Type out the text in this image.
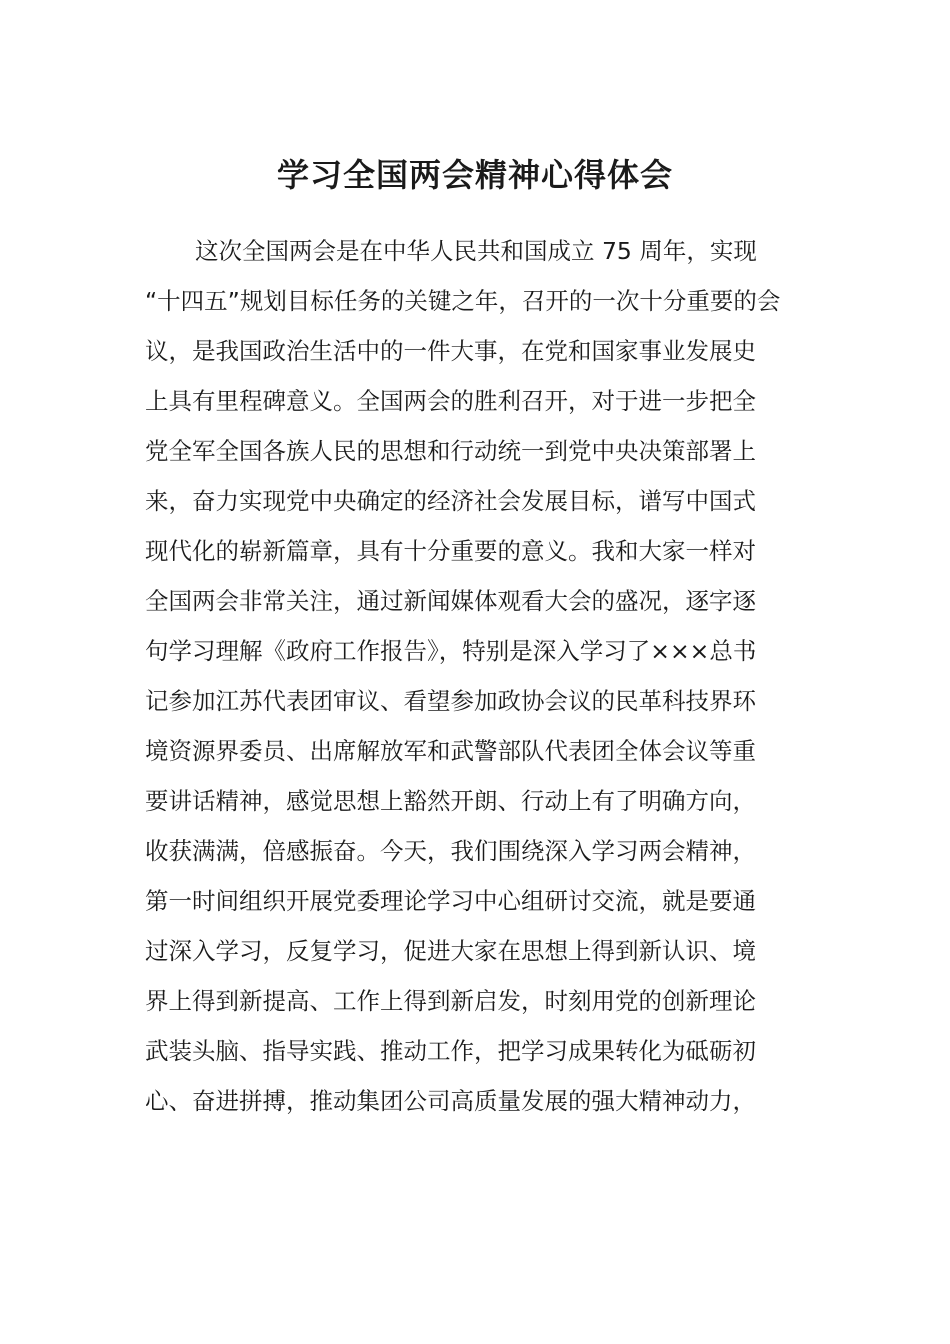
学习全国两会精神心得体会
这次全国两会是在中华人民共和国成立 75 周年，实现
“十四五”规划目标任务的关键之年，召开的一次十分重要的会
议，是我国政治生活中的一件大事，在党和国家事业发展史
上具有里程碑意义。全国两会的胜利召开，对于进一步把全
党全军全国各族人民的思想和行动统一到党中央决策部署上
来，奋力实现党中央确定的经济社会发展目标，谱写中国式
现代化的崭新篇章，具有十分重要的意义。我和大家一样对
全国两会非常关注，通过新闻媒体观看大会的盛况，逐字逐
句学习理解《政府工作报告》，特别是深入学习了×××总书
记参加江苏代表团审议、看望参加政协会议的民革科技界环
境资源界委员、出席解放军和武警部队代表团全体会议等重
要讲话精神，感觉思想上豁然开朗、行动上有了明确方向，
收获满满，倍感振奋。今天，我们围绕深入学习两会精神，
第一时间组织开展党委理论学习中心组研讨交流，就是要通
过深入学习，反复学习，促进大家在思想上得到新认识、境
界上得到新提高、工作上得到新启发，时刻用党的创新理论
武装头脑、指导实践、推动工作，把学习成果转化为砥砺初
心、奋进拼搏，推动集团公司高质量发展的强大精神动力，
